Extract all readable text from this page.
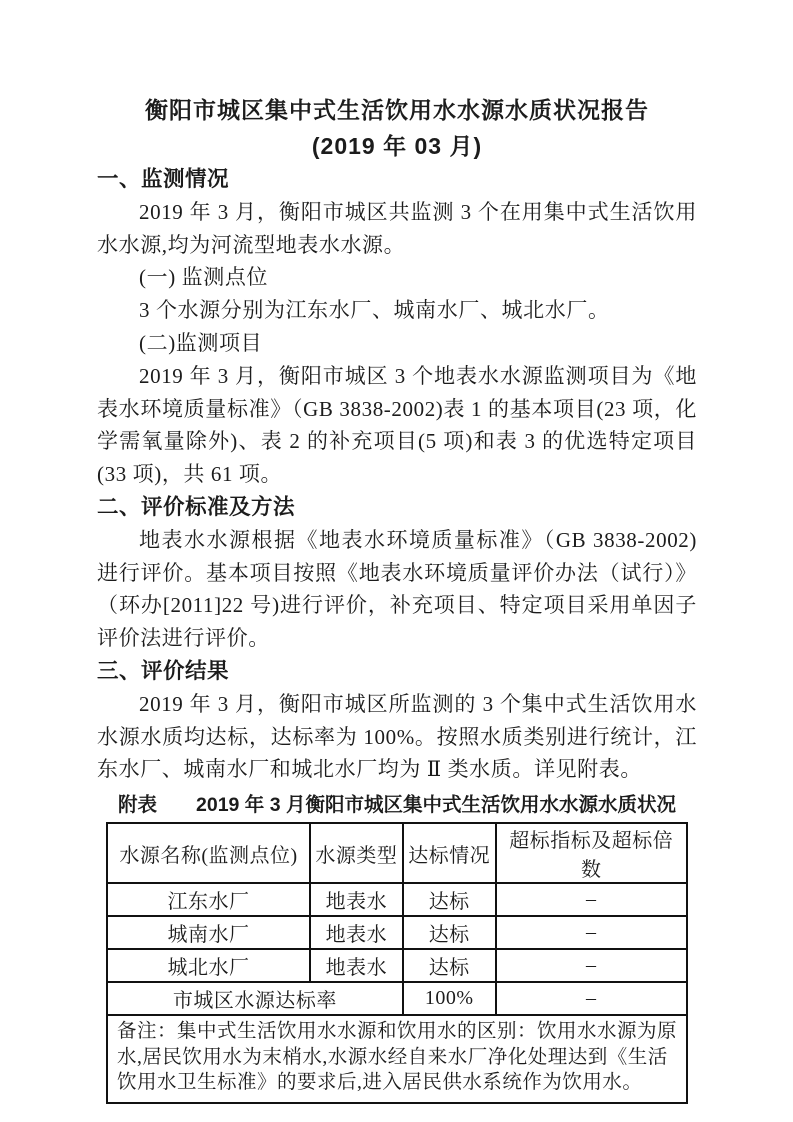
衡阳市城区集中式生活饮用水水源水质状况报告
(2019 年 03 月)
一、监测情况

2019 年 3 月，衡阳市城区共监测 3 个在用集中式生活饮用水水源,均为河流型地表水水源。

(一) 监测点位

3 个水源分别为江东水厂、城南水厂、城北水厂。

(二)监测项目

2019 年 3 月，衡阳市城区 3 个地表水水源监测项目为《地表水环境质量标准》（GB 3838-2002)表 1 的基本项目(23 项，化学需氧量除外)、表 2 的补充项目(5 项)和表 3 的优选特定项目(33 项)，共 61 项。

二、评价标准及方法

地表水水源根据《地表水环境质量标准》（GB 3838-2002)进行评价。基本项目按照《地表水环境质量评价办法（试行）》（环办[2011]22 号)进行评价，补充项目、特定项目采用单因子评价法进行评价。

三、评价结果

2019 年 3 月，衡阳市城区所监测的 3 个集中式生活饮用水水源水质均达标，达标率为 100%。按照水质类别进行统计，江东水厂、城南水厂和城北水厂均为 Ⅱ 类水质。详见附表。

附表　　2019 年 3 月衡阳市城区集中式生活饮用水水源水质状况
水源名称(监测点位)	水源类型	达标情况	超标指标及超标倍数
江东水厂	地表水	达标	–
城南水厂	地表水	达标	–
城北水厂	地表水	达标	–
市城区水源达标率		100%	–
备注：集中式生活饮用水水源和饮用水的区别：饮用水水源为原水,居民饮用水为末梢水,水源水经自来水厂净化处理达到《生活饮用水卫生标准》的要求后,进入居民供水系统作为饮用水。			
